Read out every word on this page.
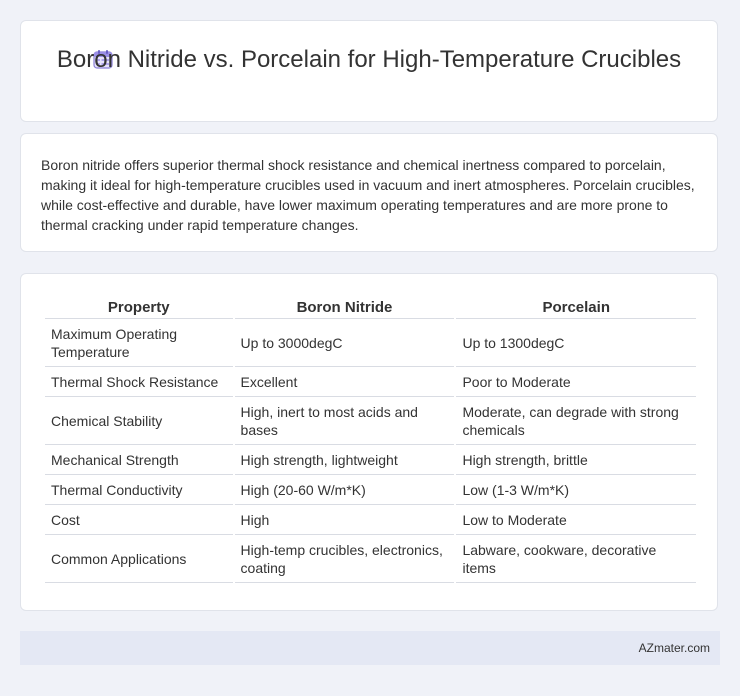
Boron Nitride vs. Porcelain for High-Temperature Crucibles
Boron nitride offers superior thermal shock resistance and chemical inertness compared to porcelain, making it ideal for high-temperature crucibles used in vacuum and inert atmospheres. Porcelain crucibles, while cost-effective and durable, have lower maximum operating temperatures and are more prone to thermal cracking under rapid temperature changes.
Property	Boron Nitride	Porcelain
Maximum Operating Temperature	Up to 3000degC	Up to 1300degC
Thermal Shock Resistance	Excellent	Poor to Moderate
Chemical Stability	High, inert to most acids and bases	Moderate, can degrade with strong chemicals
Mechanical Strength	High strength, lightweight	High strength, brittle
Thermal Conductivity	High (20-60 W/m*K)	Low (1-3 W/m*K)
Cost	High	Low to Moderate
Common Applications	High-temp crucibles, electronics, coating	Labware, cookware, decorative items
AZmater.com
